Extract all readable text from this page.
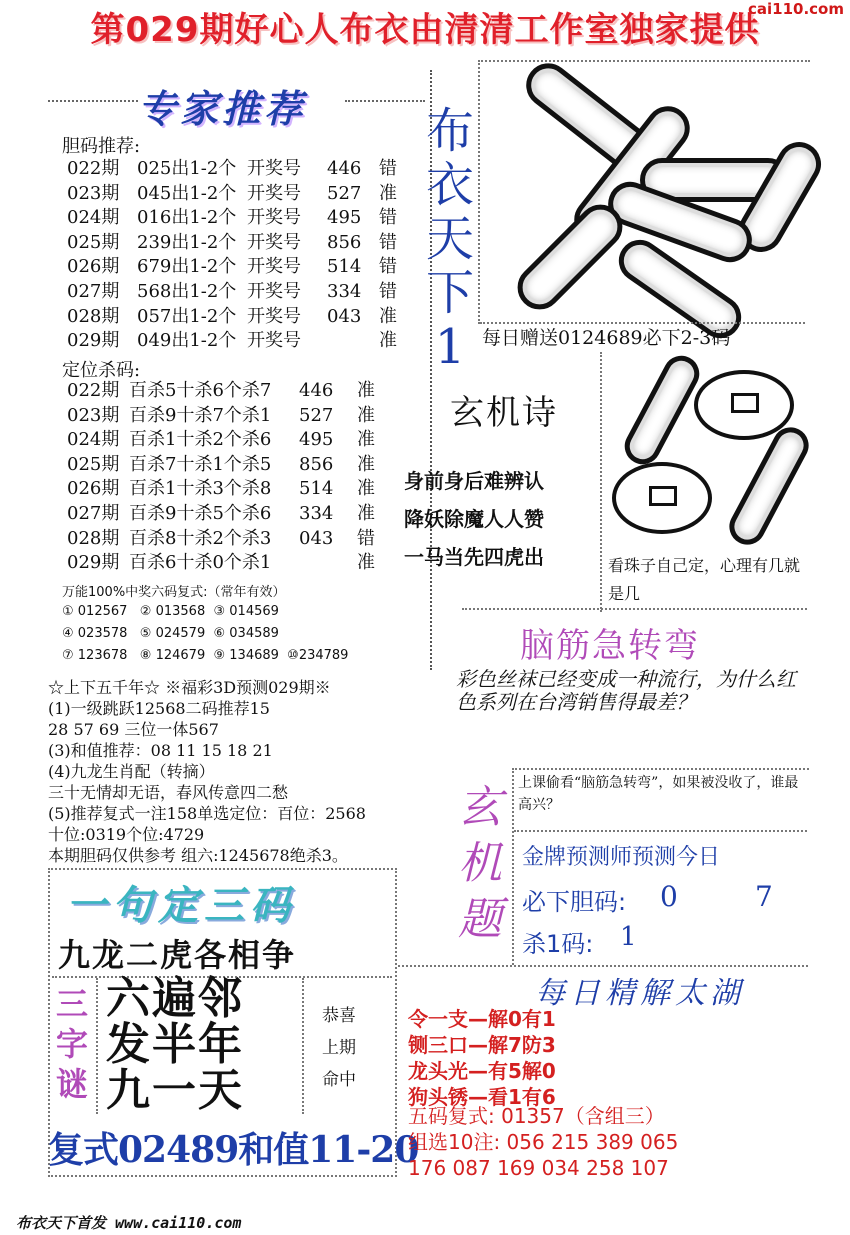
cai110.com
第029期好心人布衣由清清工作室独家提供
专家推荐
胆码推荐:
022期 025出1-2个 开奖号	446 错
023期 045出1-2个 开奖号	527 准
024期 016出1-2个 开奖号	495 错
025期 239出1-2个 开奖号	856 错
026期 679出1-2个 开奖号	514 错
027期 568出1-2个 开奖号	334 错
028期 057出1-2个 开奖号	043 准
029期 049出1-2个 开奖号	准
定位杀码:
022期 百杀5十杀6个杀7	446	准
023期 百杀9十杀7个杀1	527	准
024期 百杀1十杀2个杀6	495	准
025期 百杀7十杀1个杀5	856	准
026期 百杀1十杀3个杀8	514	准
027期 百杀9十杀5个杀6	334	准
028期 百杀8十杀2个杀3	043	错
029期 百杀6十杀0个杀1	准
万能100%中奖六码复式:（常年有效）
① 012567   ② 013568  ③ 014569
④ 023578   ⑤ 024579  ⑥ 034589
⑦ 123678   ⑧ 124679  ⑨ 134689  ⑩234789
☆上下五千年☆ ※福彩3D预测029期※
(1)一级跳跃12568二码推荐15
28 57 69 三位一体567
(3)和值推荐：08 11 15 18 21
(4)九龙生肖配（转摘）
三十无情却无语，春风传意四二愁
(5)推荐复式一注158单选定位：百位：2568
十位:0319个位:4729
本期胆码仅供参考 组六:1245678绝杀3。
一句定三码
九龙二虎各相争
三
字
谜
六遍邻
发半年
九一天
恭喜
上期
命中
复式02489和值11-20
布
衣
天
下
1 每日赠送0124689必下2-3码
玄机诗
身前身后难辨认
降妖除魔人人赞
一马当先四虎出	看珠子自己定，心理有几就是几
脑筋急转弯
彩色丝袜已经变成一种流行，为什么红色系列在台湾销售得最差？
玄
机
题
上课偷看“脑筋急转弯”，如果被没收了，谁最高兴？
金牌预测师预测今日
必下胆码: 0	7
杀1码: 1
每日精解太湖
令一支—解0有1
铡三口—解7防3
龙头光—有5解0
狗头锈—看1有6
五码复式: 01357（含组三）
组选10注: 056 215 389 065
176 087 169 034 258 107
布衣天下首发 www.cai110.com
